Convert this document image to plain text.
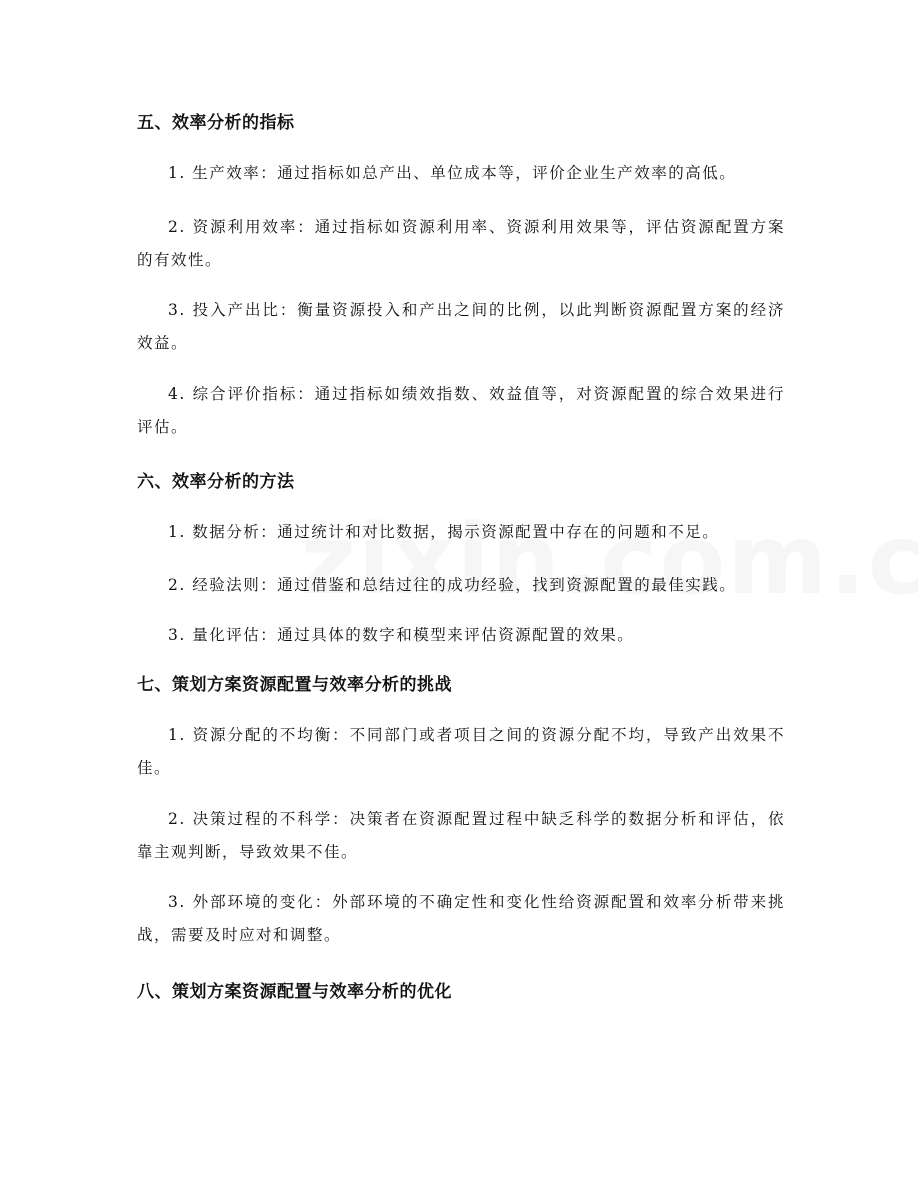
五、效率分析的指标
1. 生产效率：通过指标如总产出、单位成本等，评价企业生产效率的高低。
2. 资源利用效率：通过指标如资源利用率、资源利用效果等，评估资源配置方案的有效性。
3. 投入产出比：衡量资源投入和产出之间的比例，以此判断资源配置方案的经济效益。
4. 综合评价指标：通过指标如绩效指数、效益值等，对资源配置的综合效果进行评估。
六、效率分析的方法
1. 数据分析：通过统计和对比数据，揭示资源配置中存在的问题和不足。
2. 经验法则：通过借鉴和总结过往的成功经验，找到资源配置的最佳实践。
3. 量化评估：通过具体的数字和模型来评估资源配置的效果。
七、策划方案资源配置与效率分析的挑战
1. 资源分配的不均衡：不同部门或者项目之间的资源分配不均，导致产出效果不佳。
2. 决策过程的不科学：决策者在资源配置过程中缺乏科学的数据分析和评估，依靠主观判断，导致效果不佳。
3. 外部环境的变化：外部环境的不确定性和变化性给资源配置和效率分析带来挑战，需要及时应对和调整。
八、策划方案资源配置与效率分析的优化
